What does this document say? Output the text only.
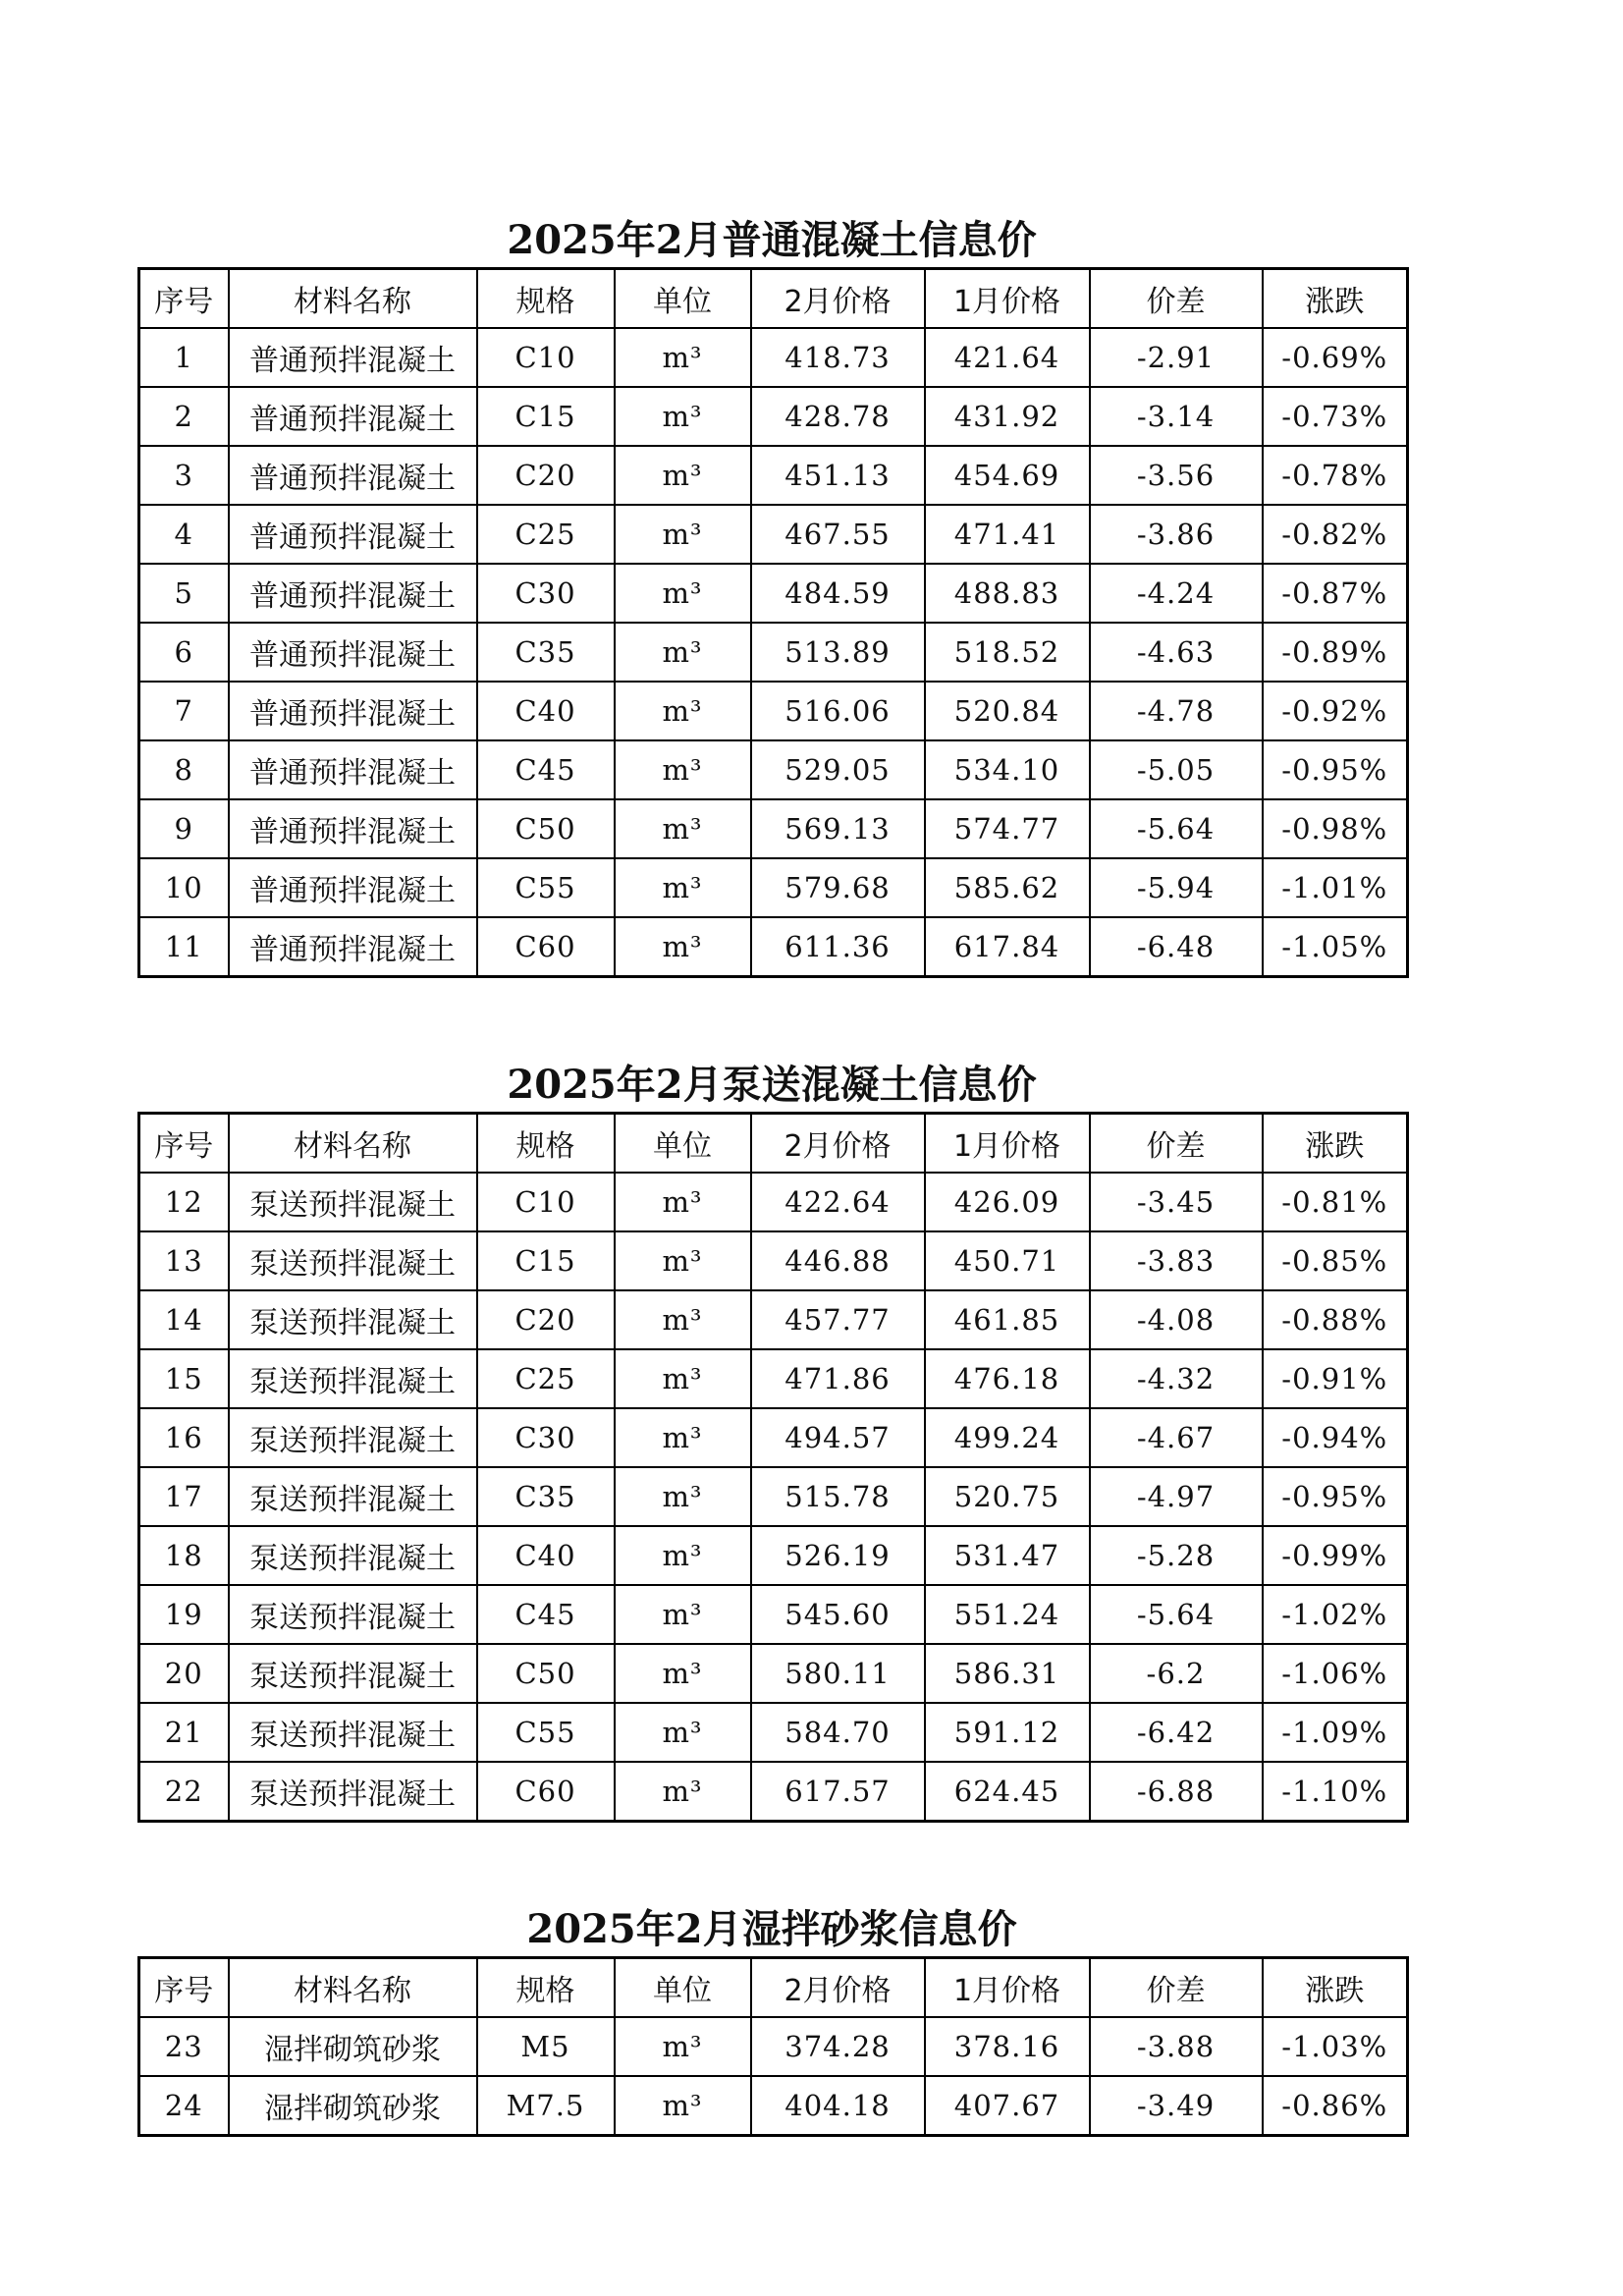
2025年2月普通混凝土信息价
序号	材料名称	规格	单位	2月价格	1月价格	价差	涨跌
1	普通预拌混凝土	C10	m³	418.73	421.64	-2.91	-0.69%
2	普通预拌混凝土	C15	m³	428.78	431.92	-3.14	-0.73%
3	普通预拌混凝土	C20	m³	451.13	454.69	-3.56	-0.78%
4	普通预拌混凝土	C25	m³	467.55	471.41	-3.86	-0.82%
5	普通预拌混凝土	C30	m³	484.59	488.83	-4.24	-0.87%
6	普通预拌混凝土	C35	m³	513.89	518.52	-4.63	-0.89%
7	普通预拌混凝土	C40	m³	516.06	520.84	-4.78	-0.92%
8	普通预拌混凝土	C45	m³	529.05	534.10	-5.05	-0.95%
9	普通预拌混凝土	C50	m³	569.13	574.77	-5.64	-0.98%
10	普通预拌混凝土	C55	m³	579.68	585.62	-5.94	-1.01%
11	普通预拌混凝土	C60	m³	611.36	617.84	-6.48	-1.05%
2025年2月泵送混凝土信息价
序号	材料名称	规格	单位	2月价格	1月价格	价差	涨跌
12	泵送预拌混凝土	C10	m³	422.64	426.09	-3.45	-0.81%
13	泵送预拌混凝土	C15	m³	446.88	450.71	-3.83	-0.85%
14	泵送预拌混凝土	C20	m³	457.77	461.85	-4.08	-0.88%
15	泵送预拌混凝土	C25	m³	471.86	476.18	-4.32	-0.91%
16	泵送预拌混凝土	C30	m³	494.57	499.24	-4.67	-0.94%
17	泵送预拌混凝土	C35	m³	515.78	520.75	-4.97	-0.95%
18	泵送预拌混凝土	C40	m³	526.19	531.47	-5.28	-0.99%
19	泵送预拌混凝土	C45	m³	545.60	551.24	-5.64	-1.02%
20	泵送预拌混凝土	C50	m³	580.11	586.31	-6.2	-1.06%
21	泵送预拌混凝土	C55	m³	584.70	591.12	-6.42	-1.09%
22	泵送预拌混凝土	C60	m³	617.57	624.45	-6.88	-1.10%
2025年2月湿拌砂浆信息价
序号	材料名称	规格	单位	2月价格	1月价格	价差	涨跌
23	湿拌砌筑砂浆	M5	m³	374.28	378.16	-3.88	-1.03%
24	湿拌砌筑砂浆	M7.5	m³	404.18	407.67	-3.49	-0.86%
